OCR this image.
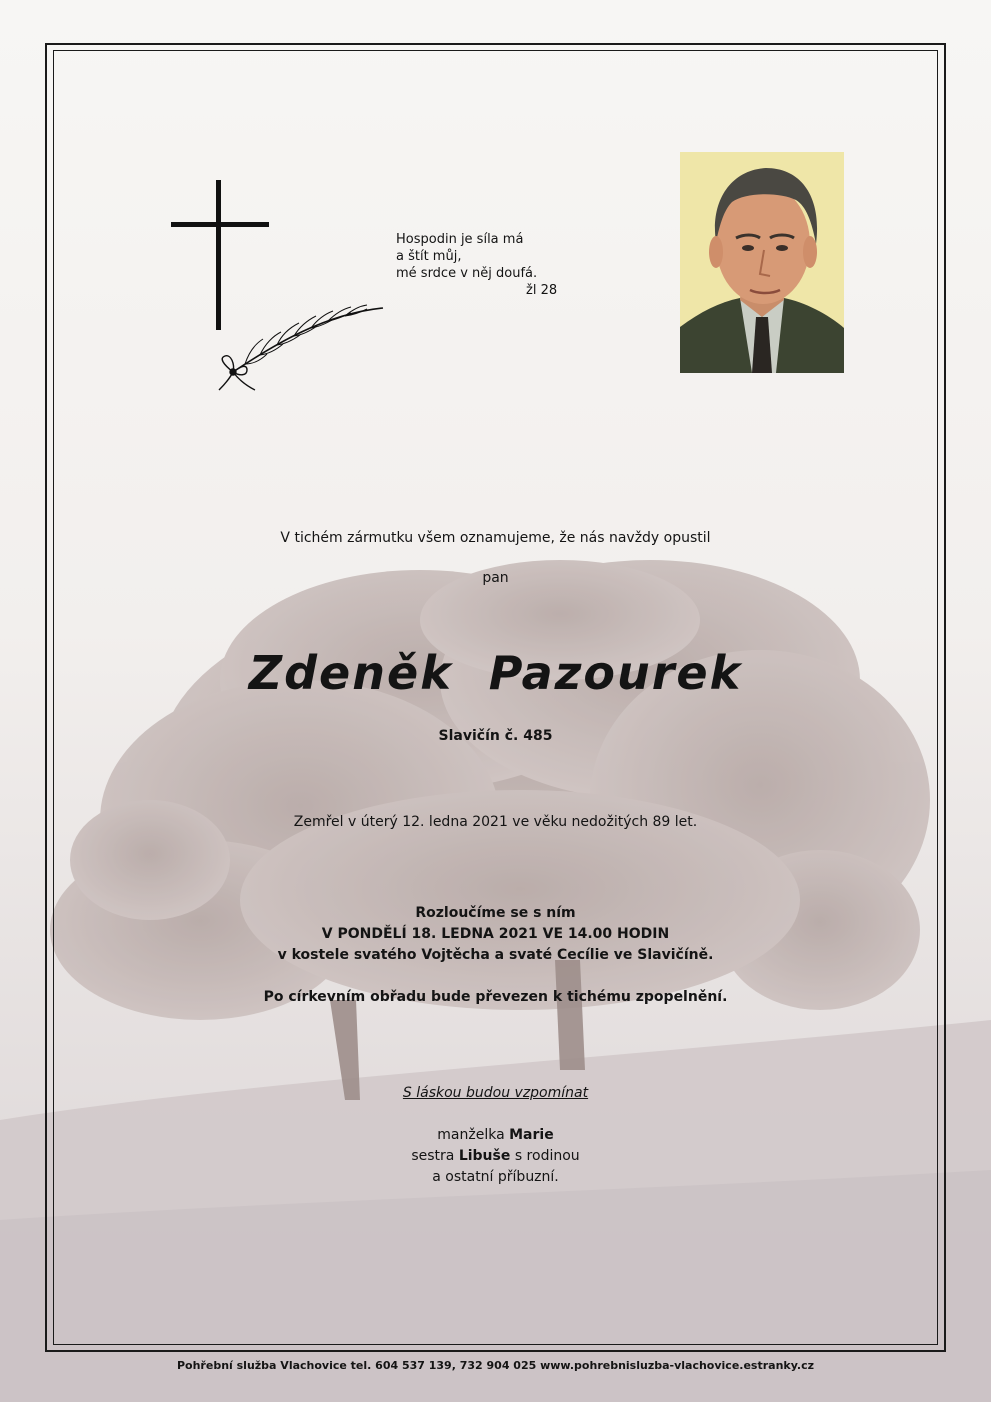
Hospodin je síla má
a štít můj,
mé srdce v něj doufá.
žl 28
V tichém zármutku všem oznamujeme, že nás navždy opustil
pan
Zdeněk Pazourek
Slavičín č. 485
Zemřel v úterý 12. ledna 2021 ve věku nedožitých 89 let.
Rozloučíme se s ním
V PONDĚLÍ 18. LEDNA 2021 VE 14.00 HODIN
v kostele svatého Vojtěcha a svaté Cecílie ve Slavičíně.
Po církevním obřadu bude převezen k tichému zpopelnění.
S láskou budou vzpomínat
manželka Marie
sestra Libuše s rodinou
a ostatní příbuzní.
Pohřební služba Vlachovice tel. 604 537 139, 732 904 025 www.pohrebnisluzba-vlachovice.estranky.cz
